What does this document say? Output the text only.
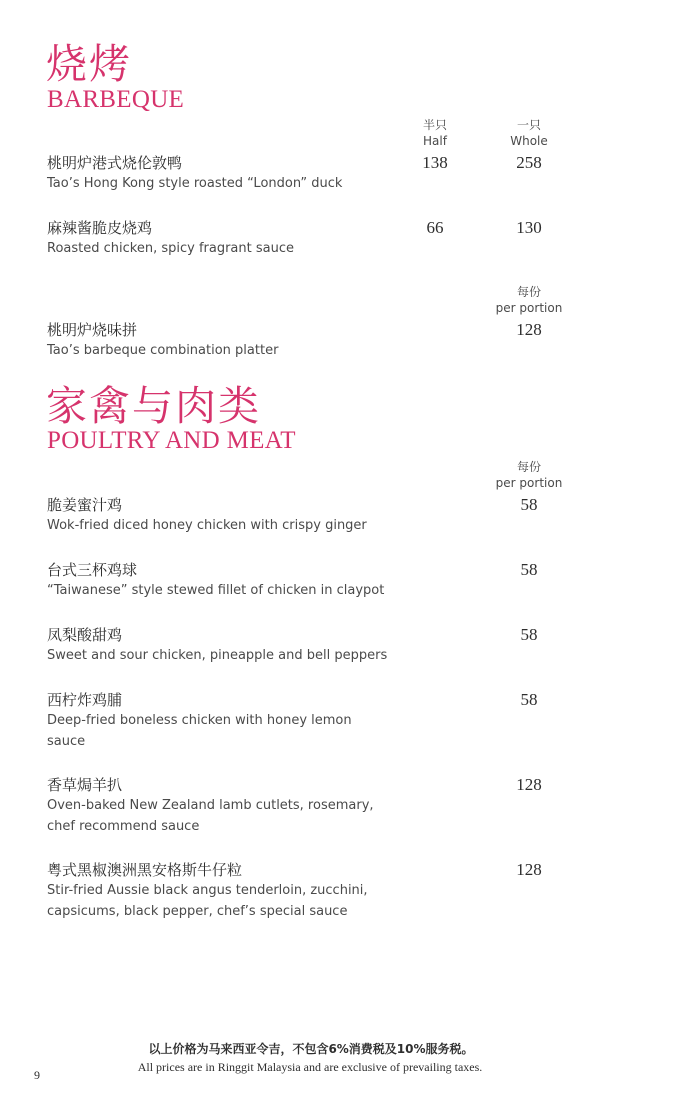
烧烤
BARBEQUE
半只
Half
一只
Whole
桃明炉港式烧伦敦鸭
Tao’s Hong Kong style roasted “London” duck
138	258
麻辣酱脆皮烧鸡
Roasted chicken, spicy fragrant sauce
66	130
每份
per portion
桃明炉烧味拼
Tao’s barbeque combination platter
128
家禽与肉类
POULTRY AND MEAT
每份
per portion
脆姜蜜汁鸡
Wok-fried diced honey chicken with crispy ginger
58
台式三杯鸡球
“Taiwanese” style stewed fillet of chicken in claypot
58
凤梨酸甜鸡
Sweet and sour chicken, pineapple and bell peppers
58
西柠炸鸡脯
Deep-fried boneless chicken with honey lemon sauce
58
香草焗羊扒
Oven-baked New Zealand lamb cutlets, rosemary, chef recommend sauce
128
粤式黑椒澳洲黑安格斯牛仔粒
Stir-fried Aussie black angus tenderloin, zucchini, capsicums, black pepper, chef’s special sauce
128
以上价格为马来西亚令吉，不包含6%消费税及10%服务税。
All prices are in Ringgit Malaysia and are exclusive of prevailing taxes.
9
